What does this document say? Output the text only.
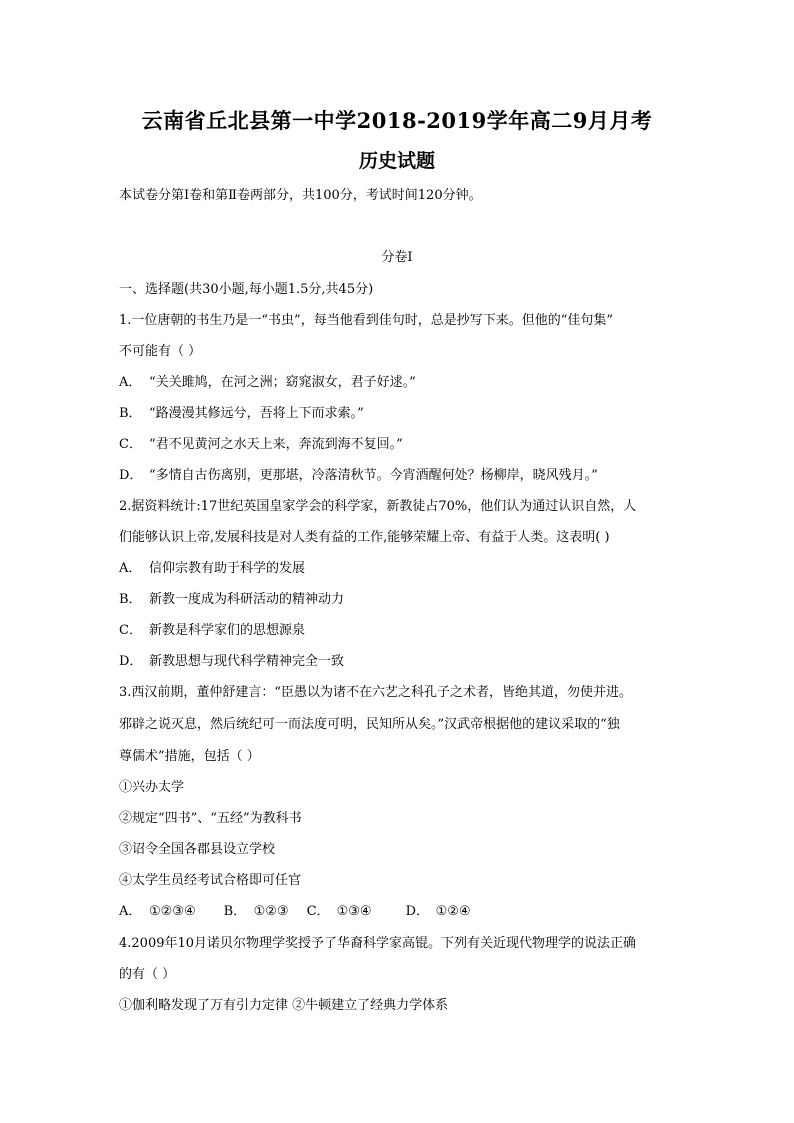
云南省丘北县第一中学2018-2019学年高二9月月考
历史试题
本试卷分第Ⅰ卷和第Ⅱ卷两部分，共100分，考试时间120分钟。
分卷I
一、选择题(共30小题,每小题1.5分,共45分)
1.一位唐朝的书生乃是一“书虫”，每当他看到佳句时，总是抄写下来。但他的“佳句集”
不可能有（ ）
A． “关关雎鸠，在河之洲；窈窕淑女，君子好逑。”
B． “路漫漫其修远兮，吾将上下而求索。”
C． “君不见黄河之水天上来，奔流到海不复回。”
D． “多情自古伤离别，更那堪，冷落清秋节。今宵酒醒何处？杨柳岸，晓风残月。”
2.据资料统计:17世纪英国皇家学会的科学家，新教徒占70%，他们认为通过认识自然，人
们能够认识上帝,发展科技是对人类有益的工作,能够荣耀上帝、有益于人类。这表明( )
A． 信仰宗教有助于科学的发展
B． 新教一度成为科研活动的精神动力
C． 新教是科学家们的思想源泉
D． 新教思想与现代科学精神完全一致
3.西汉前期，董仲舒建言：“臣愚以为诸不在六艺之科孔子之术者，皆绝其道，勿使并进。
邪辟之说灭息，然后统纪可一而法度可明，民知所从矣。”汉武帝根据他的建议采取的“独
尊儒术”措施，包括（ ）
①兴办太学
②规定“四书”、“五经”为教科书
③诏令全国各郡县设立学校
④太学生员经考试合格即可任官
A． ①②③④ B． ①②③ C． ①③④	D． ①②④
4.2009年10月诺贝尔物理学奖授予了华裔科学家高锟。下列有关近现代物理学的说法正确
的有（ ）
①伽利略发现了万有引力定律 ②牛顿建立了经典力学体系
